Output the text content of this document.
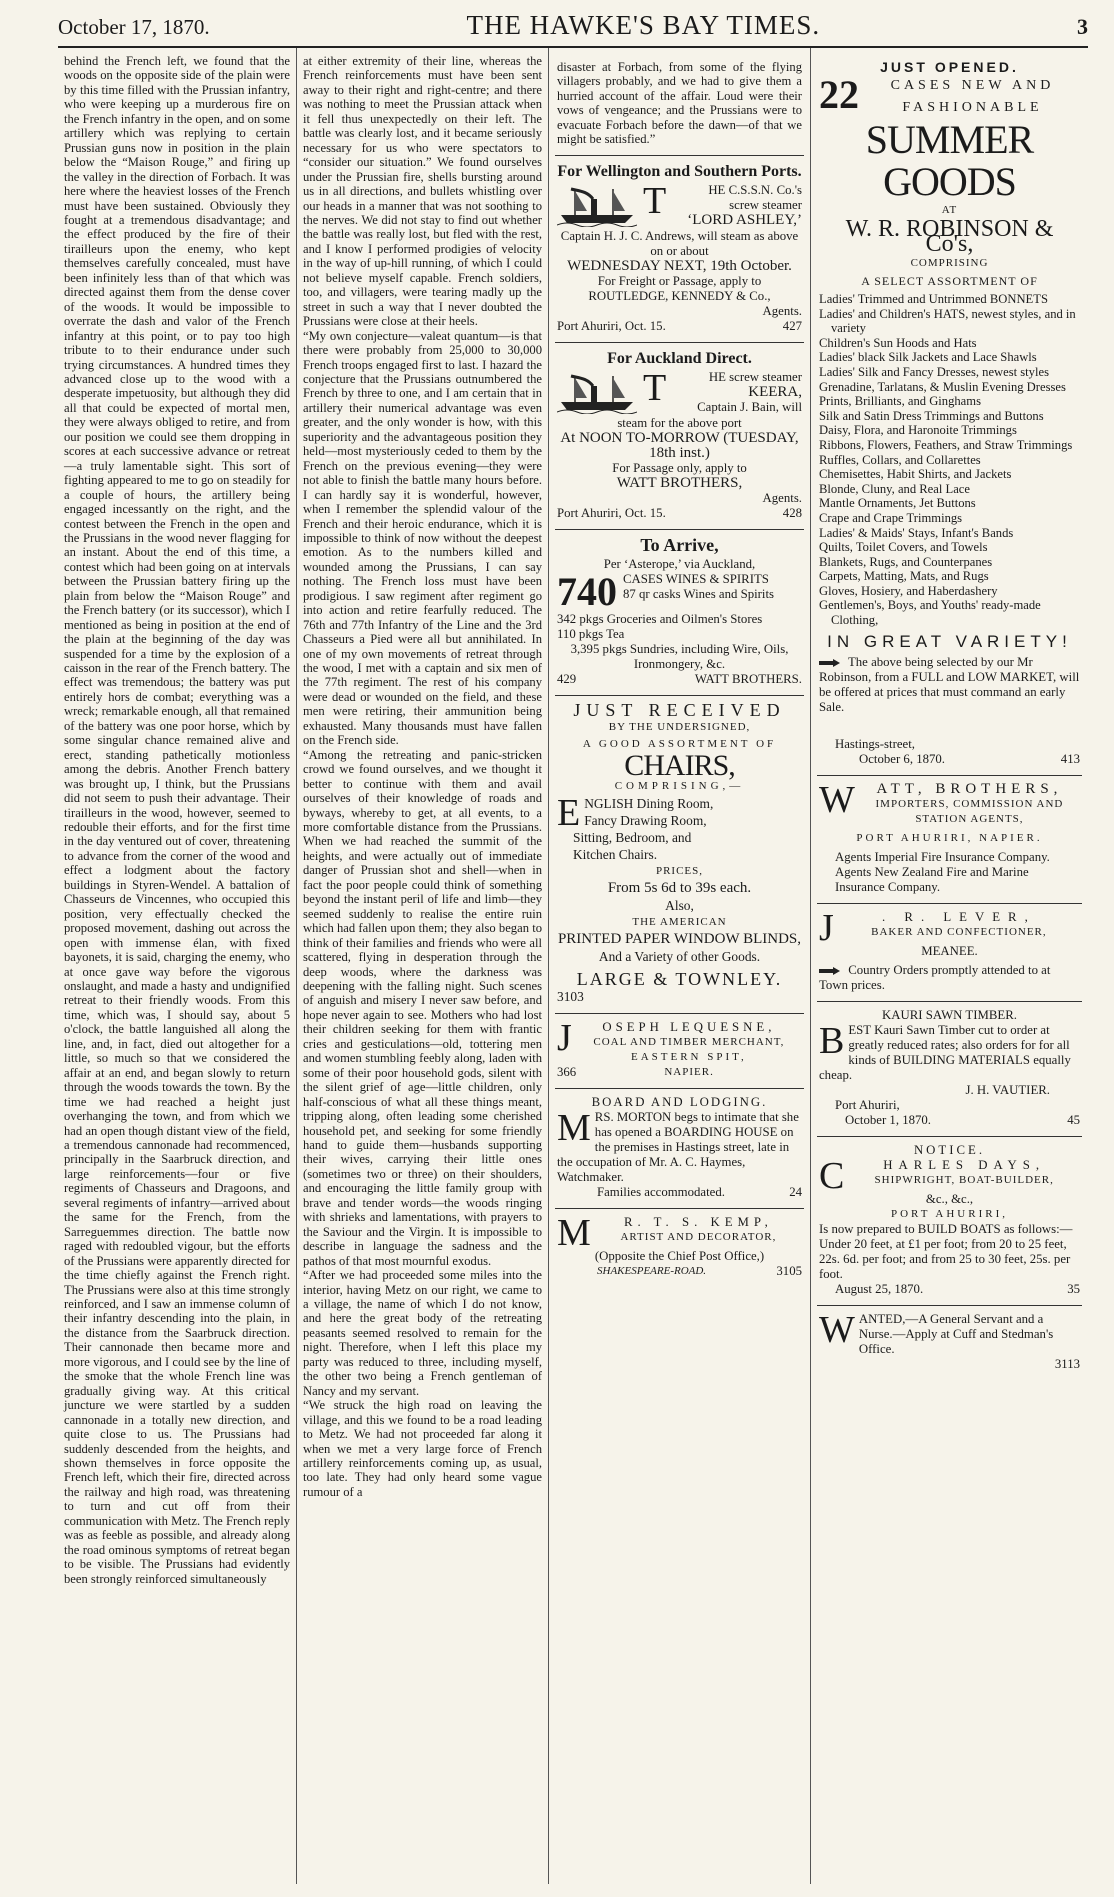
October 17, 1870.	THE HAWKE'S BAY TIMES.	3

behind the French left, we found that the woods on the opposite side of the plain were by this time filled with the Prussian infantry, who were keeping up a murderous fire on the French infantry in the open, and on some artillery which was replying to certain Prussian guns now in position in the plain below the “Maison Rouge,” and firing up the valley in the direction of Forbach. It was here where the heaviest losses of the French must have been sustained. Obviously they fought at a tremendous disadvantage; and the effect produced by the fire of their tirailleurs upon the enemy, who kept themselves carefully concealed, must have been infinitely less than of that which was directed against them from the dense cover of the woods. It would be impossible to overrate the dash and valor of the French infantry at this point, or to pay too high tribute to to their endurance under such trying circumstances. A hundred times they advanced close up to the wood with a desperate impetuosity, but although they did all that could be expected of mortal men, they were always obliged to retire, and from our position we could see them dropping in scores at each successive advance or retreat—a truly lamentable sight. This sort of fighting appeared to me to go on steadily for a couple of hours, the artillery being engaged incessantly on the right, and the contest between the French in the open and the Prussians in the wood never flagging for an instant. About the end of this time, a contest which had been going on at intervals between the Prussian battery firing up the plain from below the “Maison Rouge” and the French battery (or its successor), which I mentioned as being in position at the end of the plain at the beginning of the day was suspended for a time by the explosion of a caisson in the rear of the French battery. The effect was tremendous; the battery was put entirely hors de combat; everything was a wreck; remarkable enough, all that remained of the battery was one poor horse, which by some singular chance remained alive and erect, standing pathetically motionless among the debris. Another French battery was brought up, I think, but the Prussians did not seem to push their advantage. Their tirailleurs in the wood, however, seemed to redouble their efforts, and for the first time in the day ventured out of cover, threatening to advance from the corner of the wood and effect a lodgment about the factory buildings in Styren-Wendel. A battalion of Chasseurs de Vincennes, who occupied this position, very effectually checked the proposed movement, dashing out across the open with immense élan, with fixed bayonets, it is said, charging the enemy, who at once gave way before the vigorous onslaught, and made a hasty and undignified retreat to their friendly woods. From this time, which was, I should say, about 5 o'clock, the battle languished all along the line, and, in fact, died out altogether for a little, so much so that we considered the affair at an end, and began slowly to return through the woods towards the town. By the time we had reached a height just overhanging the town, and from which we had an open though distant view of the field, a tremendous cannonade had recommenced, principally in the Saarbruck direction, and large reinforcements—four or five regiments of Chasseurs and Dragoons, and several regiments of infantry—arrived about the same for the French, from the Sarreguemmes direction. The battle now raged with redoubled vigour, but the efforts of the Prussians were apparently directed for the time chiefly against the French right. The Prussians were also at this time strongly reinforced, and I saw an immense column of their infantry descending into the plain, in the distance from the Saarbruck direction. Their cannonade then became more and more vigorous, and I could see by the line of the smoke that the whole French line was gradually giving way. At this critical juncture we were startled by a sudden cannonade in a totally new direction, and quite close to us. The Prussians had suddenly descended from the heights, and shown themselves in force opposite the French left, which their fire, directed across the railway and high road, was threatening to turn and cut off from their communication with Metz. The French reply was as feeble as possible, and already along the road ominous symptoms of retreat began to be visible. The Prussians had evidently been strongly reinforced simultaneously

at either extremity of their line, whereas the French reinforcements must have been sent away to their right and right-centre; and there was nothing to meet the Prussian attack when it fell thus unexpectedly on their left. The battle was clearly lost, and it became seriously necessary for us who were spectators to “consider our situation.” We found ourselves under the Prussian fire, shells bursting around us in all directions, and bullets whistling over our heads in a manner that was not soothing to the nerves. We did not stay to find out whether the battle was really lost, but fled with the rest, and I know I performed prodigies of velocity in the way of up-hill running, of which I could not believe myself capable. French soldiers, too, and villagers, were tearing madly up the street in such a way that I never doubted the Prussians were close at their heels.
“My own conjecture—valeat quantum—is that there were probably from 25,000 to 30,000 French troops engaged first to last. I hazard the conjecture that the Prussians outnumbered the French by three to one, and I am certain that in artillery their numerical advantage was even greater, and the only wonder is how, with this superiority and the advantageous position they held—most mysteriously ceded to them by the French on the previous evening—they were not able to finish the battle many hours before. I can hardly say it is wonderful, however, when I remember the splendid valour of the French and their heroic endurance, which it is impossible to think of now without the deepest emotion. As to the numbers killed and wounded among the Prussians, I can say nothing. The French loss must have been prodigious. I saw regiment after regiment go into action and retire fearfully reduced. The 76th and 77th Infantry of the Line and the 3rd Chasseurs a Pied were all but annihilated. In one of my own movements of retreat through the wood, I met with a captain and six men of the 77th regiment. The rest of his company were dead or wounded on the field, and these men were retiring, their ammunition being exhausted. Many thousands must have fallen on the French side.
“Among the retreating and panic-stricken crowd we found ourselves, and we thought it better to continue with them and avail ourselves of their knowledge of roads and byways, whereby to get, at all events, to a more comfortable distance from the Prussians. When we had reached the summit of the heights, and were actually out of immediate danger of Prussian shot and shell—when in fact the poor people could think of something beyond the instant peril of life and limb—they seemed suddenly to realise the entire ruin which had fallen upon them; they also began to think of their families and friends who were all scattered, flying in desperation through the deep woods, where the darkness was deepening with the falling night. Such scenes of anguish and misery I never saw before, and hope never again to see. Mothers who had lost their children seeking for them with frantic cries and gesticulations—old, tottering men and women stumbling feebly along, laden with some of their poor household gods, silent with the silent grief of age—little children, only half-conscious of what all these things meant, tripping along, often leading some cherished household pet, and seeking for some friendly hand to guide them—husbands supporting their wives, carrying their little ones (sometimes two or three) on their shoulders, and encouraging the little family group with brave and tender words—the woods ringing with shrieks and lamentations, with prayers to the Saviour and the Virgin. It is impossible to describe in language the sadness and the pathos of that most mournful exodus.
“After we had proceeded some miles into the interior, having Metz on our right, we came to a village, the name of which I do not know, and here the great body of the retreating peasants seemed resolved to remain for the night. Therefore, when I left this place my party was reduced to three, including myself, the other two being a French gentleman of Nancy and my servant.
“We struck the high road on leaving the village, and this we found to be a road leading to Metz. We had not proceeded far along it when we met a very large force of French artillery reinforcements coming up, as usual, too late. They had only heard some vague rumour of a

disaster at Forbach, from some of the flying villagers probably, and we had to give them a hurried account of the affair. Loud were their vows of vengeance; and the Prussians were to evacuate Forbach before the dawn—of that we might be satisfied.”

For Wellington and Southern Ports.
T	HE C.S.S.N. Co.'s
screw steamer
‘LORD ASHLEY,’
Captain H. J. C. Andrews, will steam as above on or about
WEDNESDAY NEXT, 19th October.
For Freight or Passage, apply to
ROUTLEDGE, KENNEDY & Co.,
Agents.
Port Ahuriri, Oct. 15.	427
For Auckland Direct.
T	HE screw steamer
KEERA,
Captain J. Bain, will
steam for the above port
At NOON TO-MORROW (TUESDAY, 18th inst.)
For Passage only, apply to
WATT BROTHERS,
Agents.
Port Ahuriri, Oct. 15.	428
To Arrive,
Per ‘Asterope,’ via Auckland,
740 CASES WINES & SPIRITS
87 qr casks Wines and Spirits
342 pkgs Groceries and Oilmen's Stores
110 pkgs Tea
3,395 pkgs Sundries, including Wire, Oils, Ironmongery, &c.
429	WATT BROTHERS.
JUST RECEIVED
BY THE UNDERSIGNED,
A GOOD ASSORTMENT OF
CHAIRS,
COMPRISING,—
E NGLISH Dining Room,
Fancy Drawing Room,
Sitting, Bedroom, and
Kitchen Chairs.
PRICES,
From 5s 6d to 39s each.
Also,
THE AMERICAN
PRINTED PAPER WINDOW BLINDS,
And a Variety of other Goods.
LARGE & TOWNLEY.
3103
J	OSEPH LEQUESNE,
COAL AND TIMBER MERCHANT,
EASTERN SPIT,
366	NAPIER.
BOARD AND LODGING.
M RS. MORTON begs to intimate that she has opened a BOARDING HOUSE on the premises in Hastings street, late in the occupation of Mr. A. C. Haymes, Watchmaker.
Families accommodated.	24
M	R. T. S. KEMP,
ARTIST AND DECORATOR,
(Opposite the Chief Post Office,)
SHAKESPEARE-ROAD.	3105
JUST OPENED.
22	CASES NEW AND FASHIONABLE
SUMMER GOODS
AT
W. R. ROBINSON & Co's,
COMPRISING
A SELECT ASSORTMENT OF

Ladies' Trimmed and Untrimmed BONNETS

Ladies' and Children's HATS, newest styles, and in variety

Children's Sun Hoods and Hats

Ladies' black Silk Jackets and Lace Shawls

Ladies' Silk and Fancy Dresses, newest styles

Grenadine, Tarlatans, & Muslin Evening Dresses

Prints, Brilliants, and Ginghams

Silk and Satin Dress Trimmings and Buttons

Daisy, Flora, and Haronoite Trimmings

Ribbons, Flowers, Feathers, and Straw Trimmings

Ruffles, Collars, and Collarettes

Chemisettes, Habit Shirts, and Jackets

Blonde, Cluny, and Real Lace

Mantle Ornaments, Jet Buttons

Crape and Crape Trimmings

Ladies' & Maids' Stays, Infant's Bands

Quilts, Toilet Covers, and Towels

Blankets, Rugs, and Counterpanes

Carpets, Matting, Mats, and Rugs

Gloves, Hosiery, and Haberdashery

Gentlemen's, Boys, and Youths' ready-made Clothing,

IN GREAT VARIETY!
The above being selected by our Mr Robinson, from a FULL and LOW MARKET, will be offered at prices that must command an early Sale.
Hastings-street,
October 6, 1870.	413
W	ATT, BROTHERS,
IMPORTERS, COMMISSION AND STATION AGENTS,
PORT AHURIRI, NAPIER.
Agents Imperial Fire Insurance Company.
Agents New Zealand Fire and Marine Insurance Company.
J	. R. LEVER,
BAKER AND CONFECTIONER,
MEANEE.
Country Orders promptly attended to at Town prices.
KAURI SAWN TIMBER.
B EST Kauri Sawn Timber cut to order at greatly reduced rates; also orders for for all kinds of BUILDING MATERIALS equally cheap.
J. H. VAUTIER.
Port Ahuriri,
October 1, 1870.	45
NOTICE.
C	HARLES DAYS,
SHIPWRIGHT, BOAT-BUILDER,
&c., &c.,
PORT AHURIRI,
Is now prepared to BUILD BOATS as follows:—Under 20 feet, at £1 per foot; from 20 to 25 feet, 22s. 6d. per foot; and from 25 to 30 feet, 25s. per foot.
August 25, 1870.	35
W ANTED,—A General Servant and a Nurse.—Apply at Cuff and Stedman's Office.
3113
